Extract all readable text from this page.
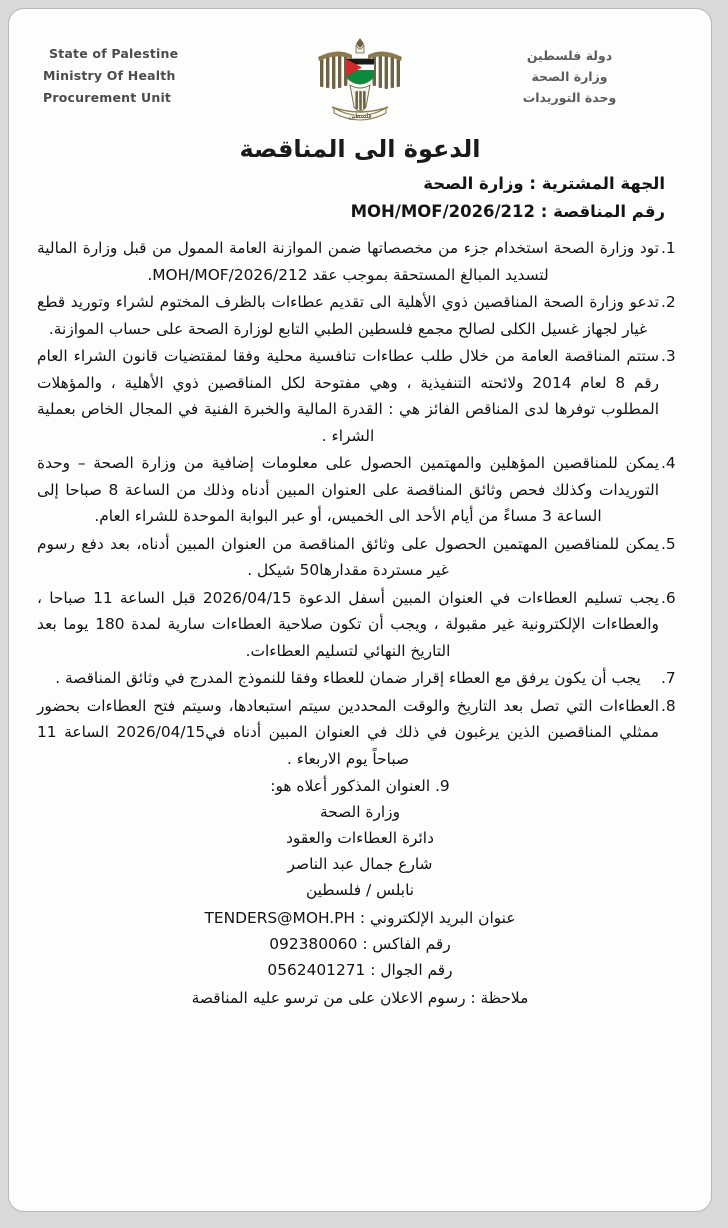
State of Palestine
Ministry Of Health
Procurement Unit
فلسطين
دولة فلسطين
وزارة الصحة
وحدة التوريدات
الدعوة الى المناقصة
الجهة المشترية : وزارة الصحة
رقم المناقصة : MOH/MOF/2026/212
1.
تود وزارة الصحة استخدام جزء من مخصصاتها ضمن الموازنة العامة الممول من قبل وزارة المالية لتسديد المبالغ المستحقة بموجب عقد MOH/MOF/2026/212.
2.
تدعو وزارة الصحة المناقصين ذوي الأهلية الى تقديم عطاءات بالظرف المختوم لشراء وتوريد قطع غيار لجهاز غسيل الكلى لصالح مجمع فلسطين الطبي التابع لوزارة الصحة على حساب الموازنة.
3.
ستتم المناقصة العامة من خلال طلب عطاءات تنافسية محلية وفقا لمقتضيات قانون الشراء العام رقم 8 لعام 2014 ولائحته التنفيذية ، وهي مفتوحة لكل المناقصين ذوي الأهلية ، والمؤهلات المطلوب توفرها لدى المناقص الفائز هي : القدرة المالية والخبرة الفنية في المجال الخاص بعملية الشراء .
4.
يمكن للمناقصين المؤهلين والمهتمين الحصول على معلومات إضافية من وزارة الصحة – وحدة التوريدات وكذلك فحص وثائق المناقصة على العنوان المبين أدناه وذلك من الساعة 8 صباحا إلى الساعة 3 مساءً من أيام الأحد الى الخميس، أو عبر البوابة الموحدة للشراء العام.
5.
يمكن للمناقصين المهتمين الحصول على وثائق المناقصة من العنوان المبين أدناه، بعد دفع رسوم غير مستردة مقدارها50 شيكل .
6.
يجب تسليم العطاءات في العنوان المبين أسفل الدعوة 2026/04/15 قبل الساعة 11 صباحا ، والعطاءات الإلكترونية غير مقبولة ، ويجب أن تكون صلاحية العطاءات سارية لمدة 180 يوما بعد التاريخ النهائي لتسليم العطاءات.
7.
يجب أن يكون يرفق مع العطاء إقرار ضمان للعطاء وفقا للنموذج المدرج في وثائق المناقصة .
8.
العطاءات التي تصل بعد التاريخ والوقت المحددين سيتم استبعادها، وسيتم فتح العطاءات بحضور ممثلي المناقصين الذين يرغبون في ذلك في العنوان المبين أدناه في2026/04/15 الساعة 11 صباحاً يوم الاربعاء .
9. العنوان المذكور أعلاه هو:
وزارة الصحة
دائرة العطاءات والعقود
شارع جمال عبد الناصر
نابلس / فلسطين
عنوان البريد الإلكتروني : TENDERS@MOH.PH
رقم الفاكس : 092380060
رقم الجوال : 0562401271
ملاحظة : رسوم الاعلان على من ترسو عليه المناقصة
